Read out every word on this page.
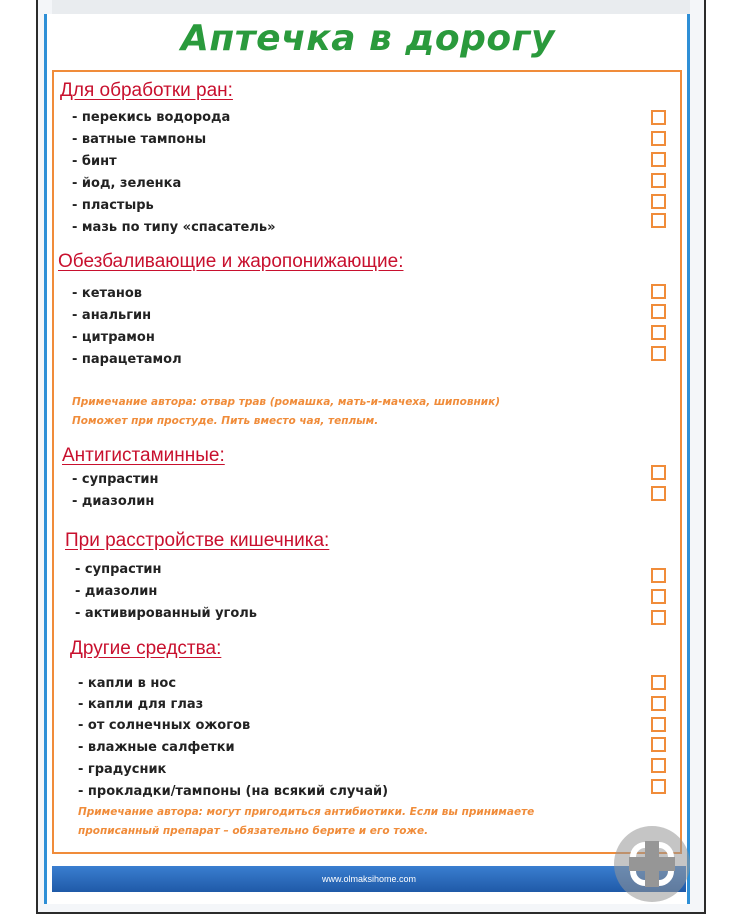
Аптечка в дорогу
Для обработки ран:
- перекись водорода
- ватные тампоны
- бинт
- йод, зеленка
- пластырь
- мазь по типу «спасатель»
Обезбаливающие и жаропонижающие:
- кетанов
- анальгин
- цитрамон
- парацетамол
Примечание автора: отвар трав (ромашка, мать-и-мачеха, шиповник)
Поможет при простуде. Пить вместо чая, теплым.
Антигистаминные:
- супрастин
- диазолин
При расстройстве кишечника:
- супрастин
- диазолин
- активированный уголь
Другие средства:
- капли в нос
- капли для глаз
- от солнечных ожогов
- влажные салфетки
- градусник
- прокладки/тампоны (на всякий случай)
Примечание автора: могут пригодиться антибиотики. Если вы принимаете
прописанный препарат – обязательно берите и его тоже.
www.olmaksihome.com
